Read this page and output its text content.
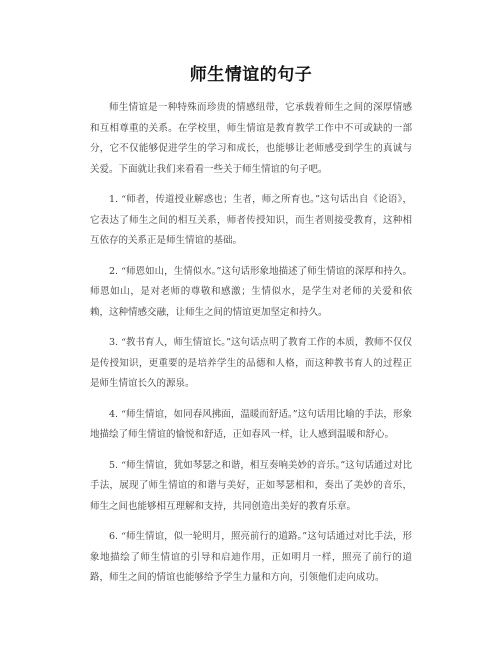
师生情谊的句子

师生情谊是一种特殊而珍贵的情感纽带，它承载着师生之间的深厚情感和互相尊重的关系。在学校里，师生情谊是教育教学工作中不可或缺的一部分，它不仅能够促进学生的学习和成长，也能够让老师感受到学生的真诚与关爱。下面就让我们来看看一些关于师生情谊的句子吧。

1. “师者，传道授业解惑也；生者，师之所育也。”这句话出自《论语》，它表达了师生之间的相互关系，师者传授知识，而生者则接受教育，这种相互依存的关系正是师生情谊的基础。

2. “师恩如山，生情似水。”这句话形象地描述了师生情谊的深厚和持久。师恩如山，是对老师的尊敬和感激；生情似水，是学生对老师的关爱和依赖，这种情感交融，让师生之间的情谊更加坚定和持久。

3. “教书育人，师生情谊长。”这句话点明了教育工作的本质，教师不仅仅是传授知识，更重要的是培养学生的品德和人格，而这种教书育人的过程正是师生情谊长久的源泉。

4. “师生情谊，如同春风拂面，温暖而舒适。”这句话用比喻的手法，形象地描绘了师生情谊的愉悦和舒适，正如春风一样，让人感到温暖和舒心。

5. “师生情谊，犹如琴瑟之和谐，相互奏响美妙的音乐。”这句话通过对比手法，展现了师生情谊的和谐与美好，正如琴瑟相和，奏出了美妙的音乐，师生之间也能够相互理解和支持，共同创造出美好的教育乐章。

6. “师生情谊，似一轮明月，照亮前行的道路。”这句话通过对比手法，形象地描绘了师生情谊的引导和启迪作用，正如明月一样，照亮了前行的道路，师生之间的情谊也能够给予学生力量和方向，引领他们走向成功。
